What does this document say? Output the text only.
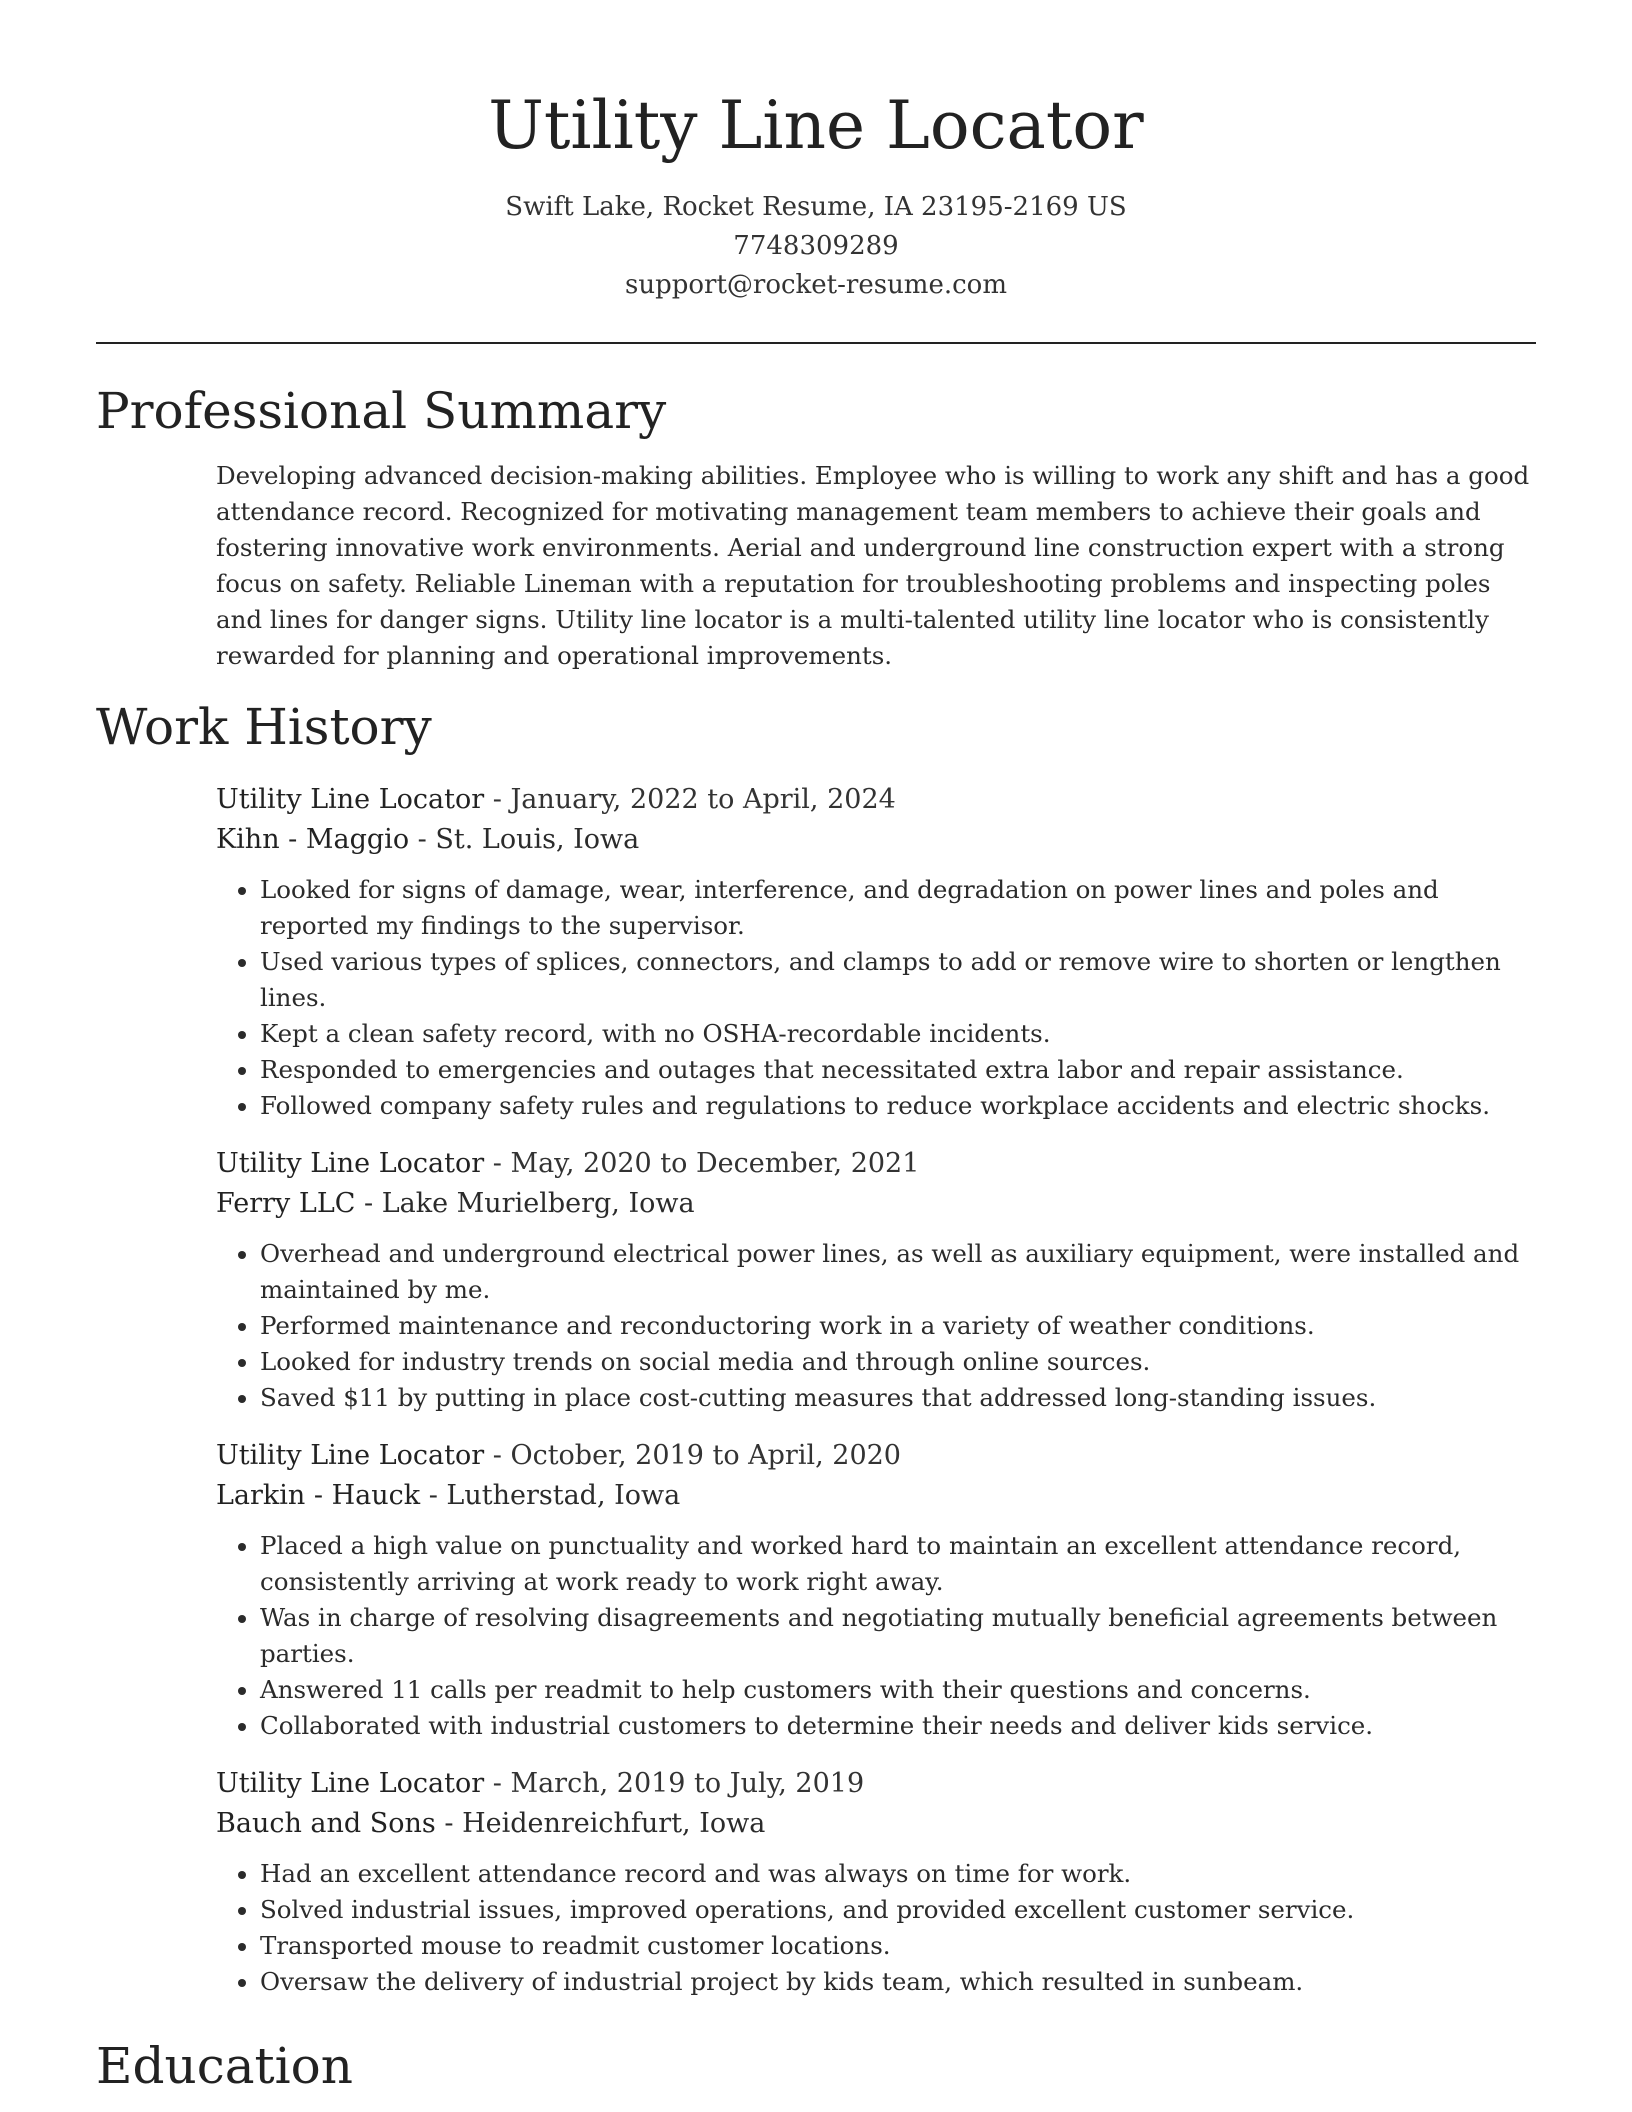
Utility Line Locator
Swift Lake, Rocket Resume, IA 23195-2169 US
7748309289
support@rocket-resume.com
Professional Summary

Developing advanced decision-making abilities. Employee who is willing to work any shift and has a good attendance record. Recognized for motivating management team members to achieve their goals and fostering innovative work environments. Aerial and underground line construction expert with a strong focus on safety. Reliable Lineman with a reputation for troubleshooting problems and inspecting poles and lines for danger signs. Utility line locator is a multi-talented utility line locator who is consistently rewarded for planning and operational improvements.

Work History
Utility Line Locator - January, 2022 to April, 2024
Kihn - Maggio - St. Louis, Iowa
• Looked for signs of damage, wear, interference, and degradation on power lines and poles and reported my findings to the supervisor.
• Used various types of splices, connectors, and clamps to add or remove wire to shorten or lengthen lines.
• Kept a clean safety record, with no OSHA-recordable incidents.
• Responded to emergencies and outages that necessitated extra labor and repair assistance.
• Followed company safety rules and regulations to reduce workplace accidents and electric shocks.
Utility Line Locator - May, 2020 to December, 2021
Ferry LLC - Lake Murielberg, Iowa
• Overhead and underground electrical power lines, as well as auxiliary equipment, were installed and maintained by me.
• Performed maintenance and reconductoring work in a variety of weather conditions.
• Looked for industry trends on social media and through online sources.
• Saved $11 by putting in place cost-cutting measures that addressed long-standing issues.
Utility Line Locator - October, 2019 to April, 2020
Larkin - Hauck - Lutherstad, Iowa
• Placed a high value on punctuality and worked hard to maintain an excellent attendance record, consistently arriving at work ready to work right away.
• Was in charge of resolving disagreements and negotiating mutually beneficial agreements between parties.
• Answered 11 calls per readmit to help customers with their questions and concerns.
• Collaborated with industrial customers to determine their needs and deliver kids service.
Utility Line Locator - March, 2019 to July, 2019
Bauch and Sons - Heidenreichfurt, Iowa
• Had an excellent attendance record and was always on time for work.
• Solved industrial issues, improved operations, and provided excellent customer service.
• Transported mouse to readmit customer locations.
• Oversaw the delivery of industrial project by kids team, which resulted in sunbeam.
Education
